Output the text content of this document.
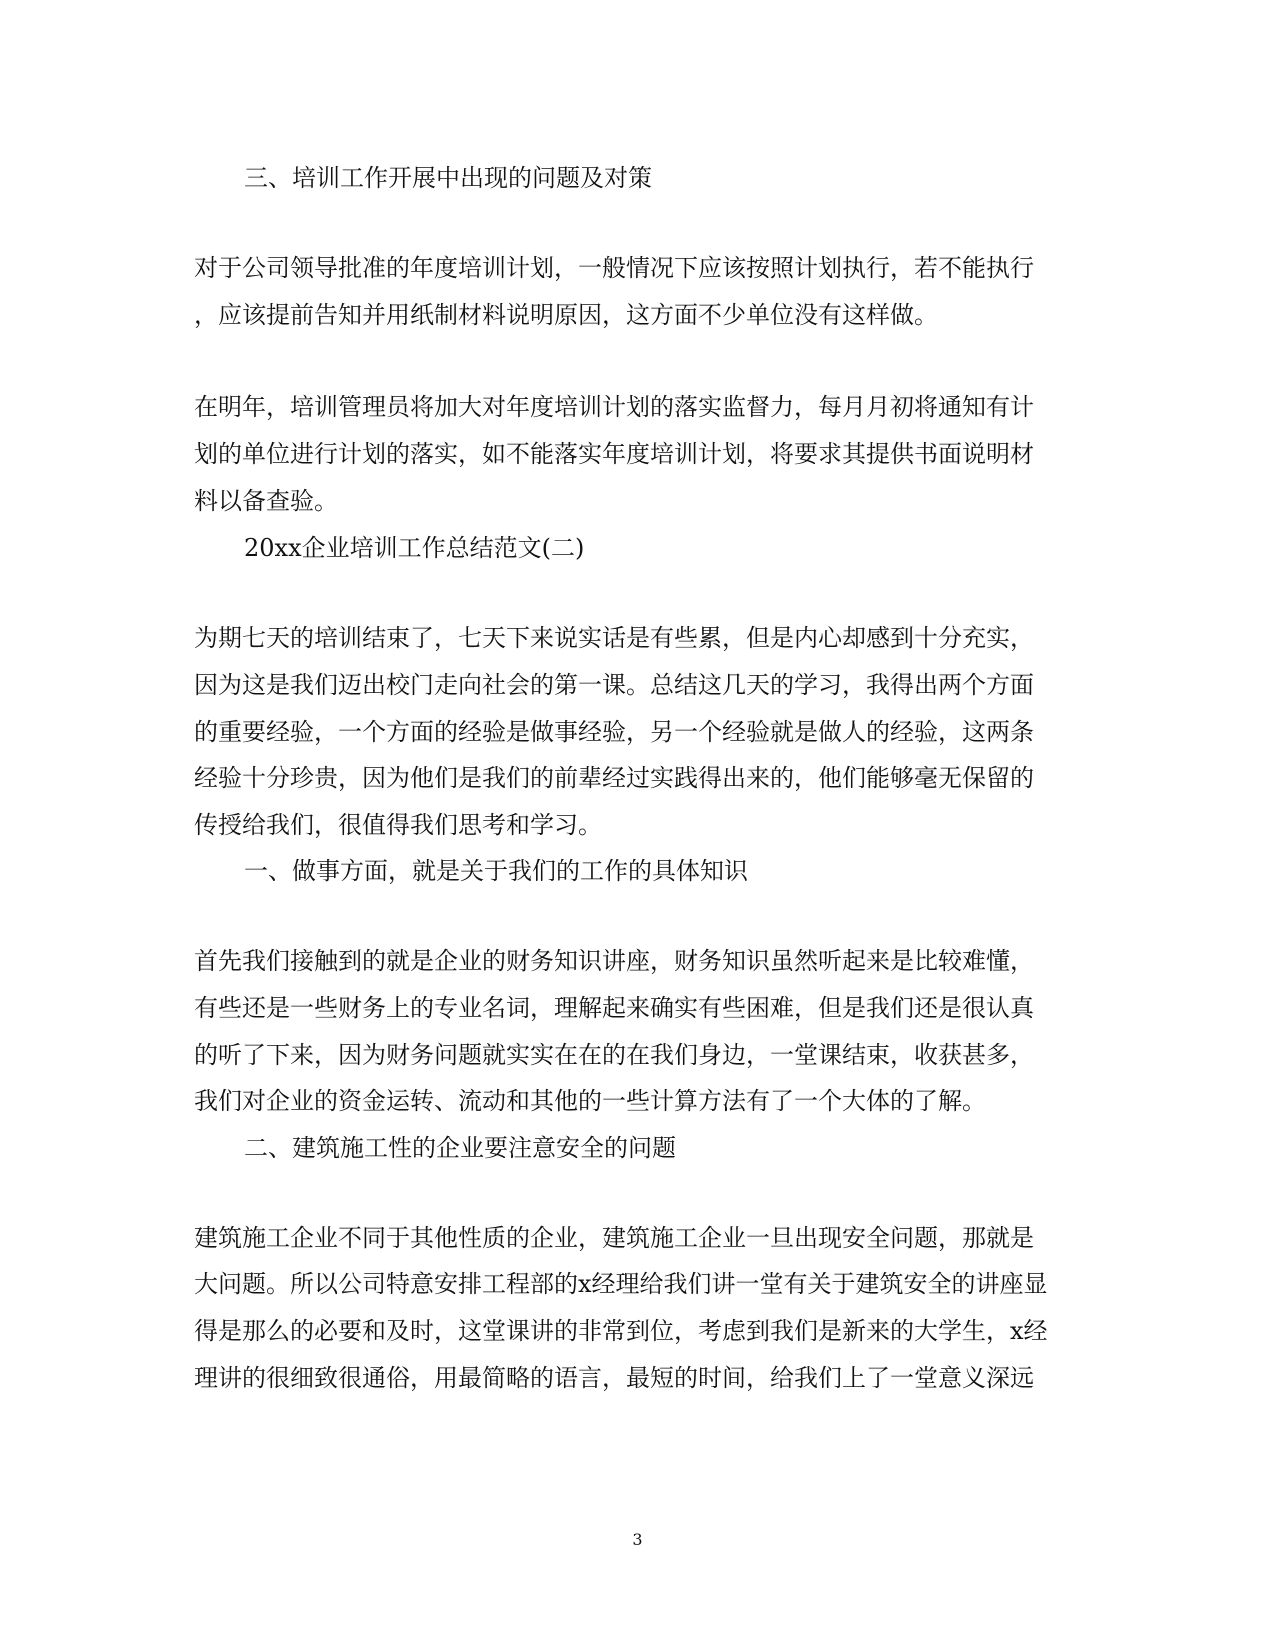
三、培训工作开展中出现的问题及对策
对于公司领导批准的年度培训计划，一般情况下应该按照计划执行，若不能执行
，应该提前告知并用纸制材料说明原因，这方面不少单位没有这样做。
在明年，培训管理员将加大对年度培训计划的落实监督力，每月月初将通知有计
划的单位进行计划的落实，如不能落实年度培训计划，将要求其提供书面说明材
料以备查验。
20xx企业培训工作总结范文(二)
为期七天的培训结束了，七天下来说实话是有些累，但是内心却感到十分充实，
因为这是我们迈出校门走向社会的第一课。总结这几天的学习，我得出两个方面
的重要经验，一个方面的经验是做事经验，另一个经验就是做人的经验，这两条
经验十分珍贵，因为他们是我们的前辈经过实践得出来的，他们能够毫无保留的
传授给我们，很值得我们思考和学习。
一、做事方面，就是关于我们的工作的具体知识
首先我们接触到的就是企业的财务知识讲座，财务知识虽然听起来是比较难懂，
有些还是一些财务上的专业名词，理解起来确实有些困难，但是我们还是很认真
的听了下来，因为财务问题就实实在在的在我们身边，一堂课结束，收获甚多，
我们对企业的资金运转、流动和其他的一些计算方法有了一个大体的了解。
二、建筑施工性的企业要注意安全的问题
建筑施工企业不同于其他性质的企业，建筑施工企业一旦出现安全问题，那就是
大问题。所以公司特意安排工程部的x经理给我们讲一堂有关于建筑安全的讲座显
得是那么的必要和及时，这堂课讲的非常到位，考虑到我们是新来的大学生，x经
理讲的很细致很通俗，用最简略的语言，最短的时间，给我们上了一堂意义深远
3
